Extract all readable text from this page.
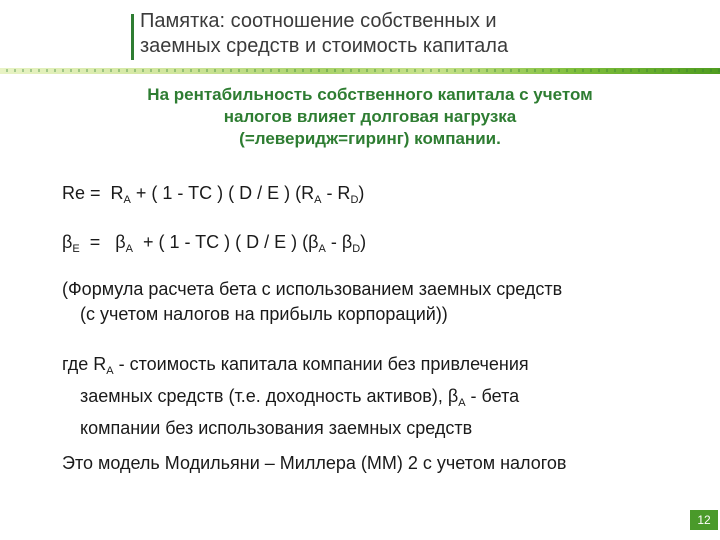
Памятка: соотношение собственных и
заемных средств и стоимость капитала
На рентабильность собственного капитала с учетом
налогов влияет долговая нагрузка
(=левеpидж=гиринг) компании.
$Re = R_A$ + ( 1 - TC ) ( D / E ) $(R_A - R_D)$
$\beta_E = \beta_A$ + ( 1 - TC ) ( D / E ) $(\beta_A - \beta_D)$
(Формула расчета бета с использованием заемных средств
(с учетом налогов на прибыль корпораций))
где $R_A$ - стоимость капитала компании без привлечения
заемных средств (т.е. доходность активов), $\beta_A$ - бета
компании без использования заемных средств
Это модель Модильяни – Миллера (ММ) 2 с учетом налогов
12
